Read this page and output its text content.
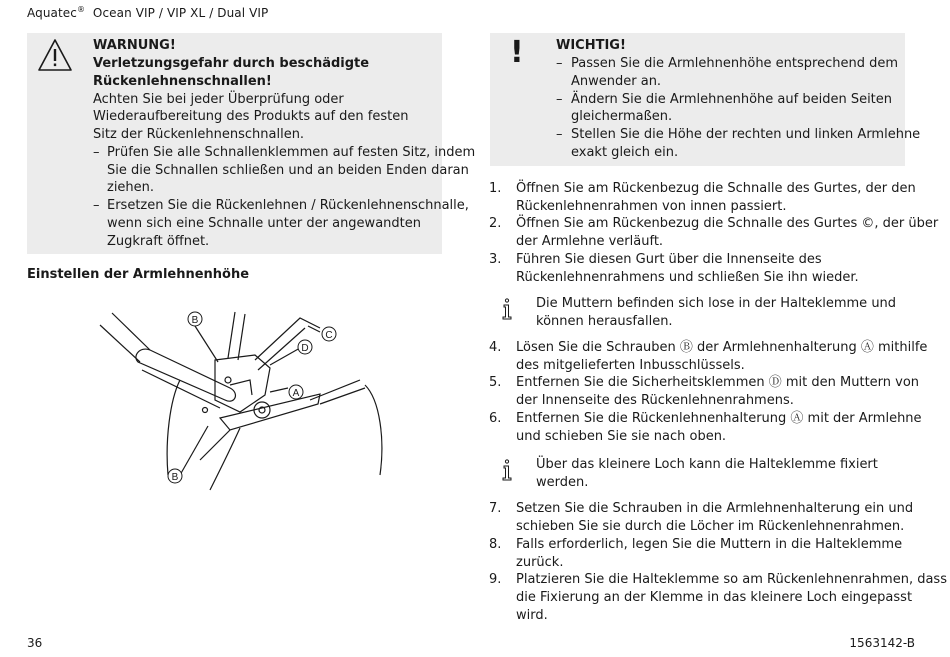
Aquatec® Ocean VIP / VIP XL / Dual VIP
WARNUNG!
Verletzungsgefahr durch beschädigte
Rückenlehnenschnallen!
Achten Sie bei jeder Überprüfung oder
Wiederaufbereitung des Produkts auf den festen
Sitz der Rückenlehnenschnallen.
– Prüfen Sie alle Schnallenklemmen auf festen Sitz, indem
Sie die Schnallen schließen und an beiden Enden daran
ziehen.
– Ersetzen Sie die Rückenlehnen / Rückenlehnenschnalle,
wenn sich eine Schnalle unter der angewandten
Zugkraft öffnet.
Einstellen der Armlehnenhöhe
B
C
D
A
B
! WICHTIG!
– Passen Sie die Armlehnenhöhe entsprechend dem
Anwender an.
– Ändern Sie die Armlehnenhöhe auf beiden Seiten
gleichermaßen.
– Stellen Sie die Höhe der rechten und linken Armlehne
exakt gleich ein.
1. Öffnen Sie am Rückenbezug die Schnalle des Gurtes, der den
Rückenlehnenrahmen von innen passiert.
2. Öffnen Sie am Rückenbezug die Schnalle des Gurtes ©, der über
der Armlehne verläuft.
3. Führen Sie diesen Gurt über die Innenseite des
Rückenlehnenrahmens und schließen Sie ihn wieder.
Die Muttern befinden sich lose in der Halteklemme und
können herausfallen.
4. Lösen Sie die Schrauben Ⓑ der Armlehnenhalterung Ⓐ mithilfe
des mitgelieferten Inbusschlüssels.
5. Entfernen Sie die Sicherheitsklemmen Ⓓ mit den Muttern von
der Innenseite des Rückenlehnenrahmens.
6. Entfernen Sie die Rückenlehnenhalterung Ⓐ mit der Armlehne
und schieben Sie sie nach oben.
Über das kleinere Loch kann die Halteklemme fixiert
werden.
7. Setzen Sie die Schrauben in die Armlehnenhalterung ein und
schieben Sie sie durch die Löcher im Rückenlehnenrahmen.
8. Falls erforderlich, legen Sie die Muttern in die Halteklemme
zurück.
9. Platzieren Sie die Halteklemme so am Rückenlehnenrahmen, dass
die Fixierung an der Klemme in das kleinere Loch eingepasst
wird.
36	1563142-B
